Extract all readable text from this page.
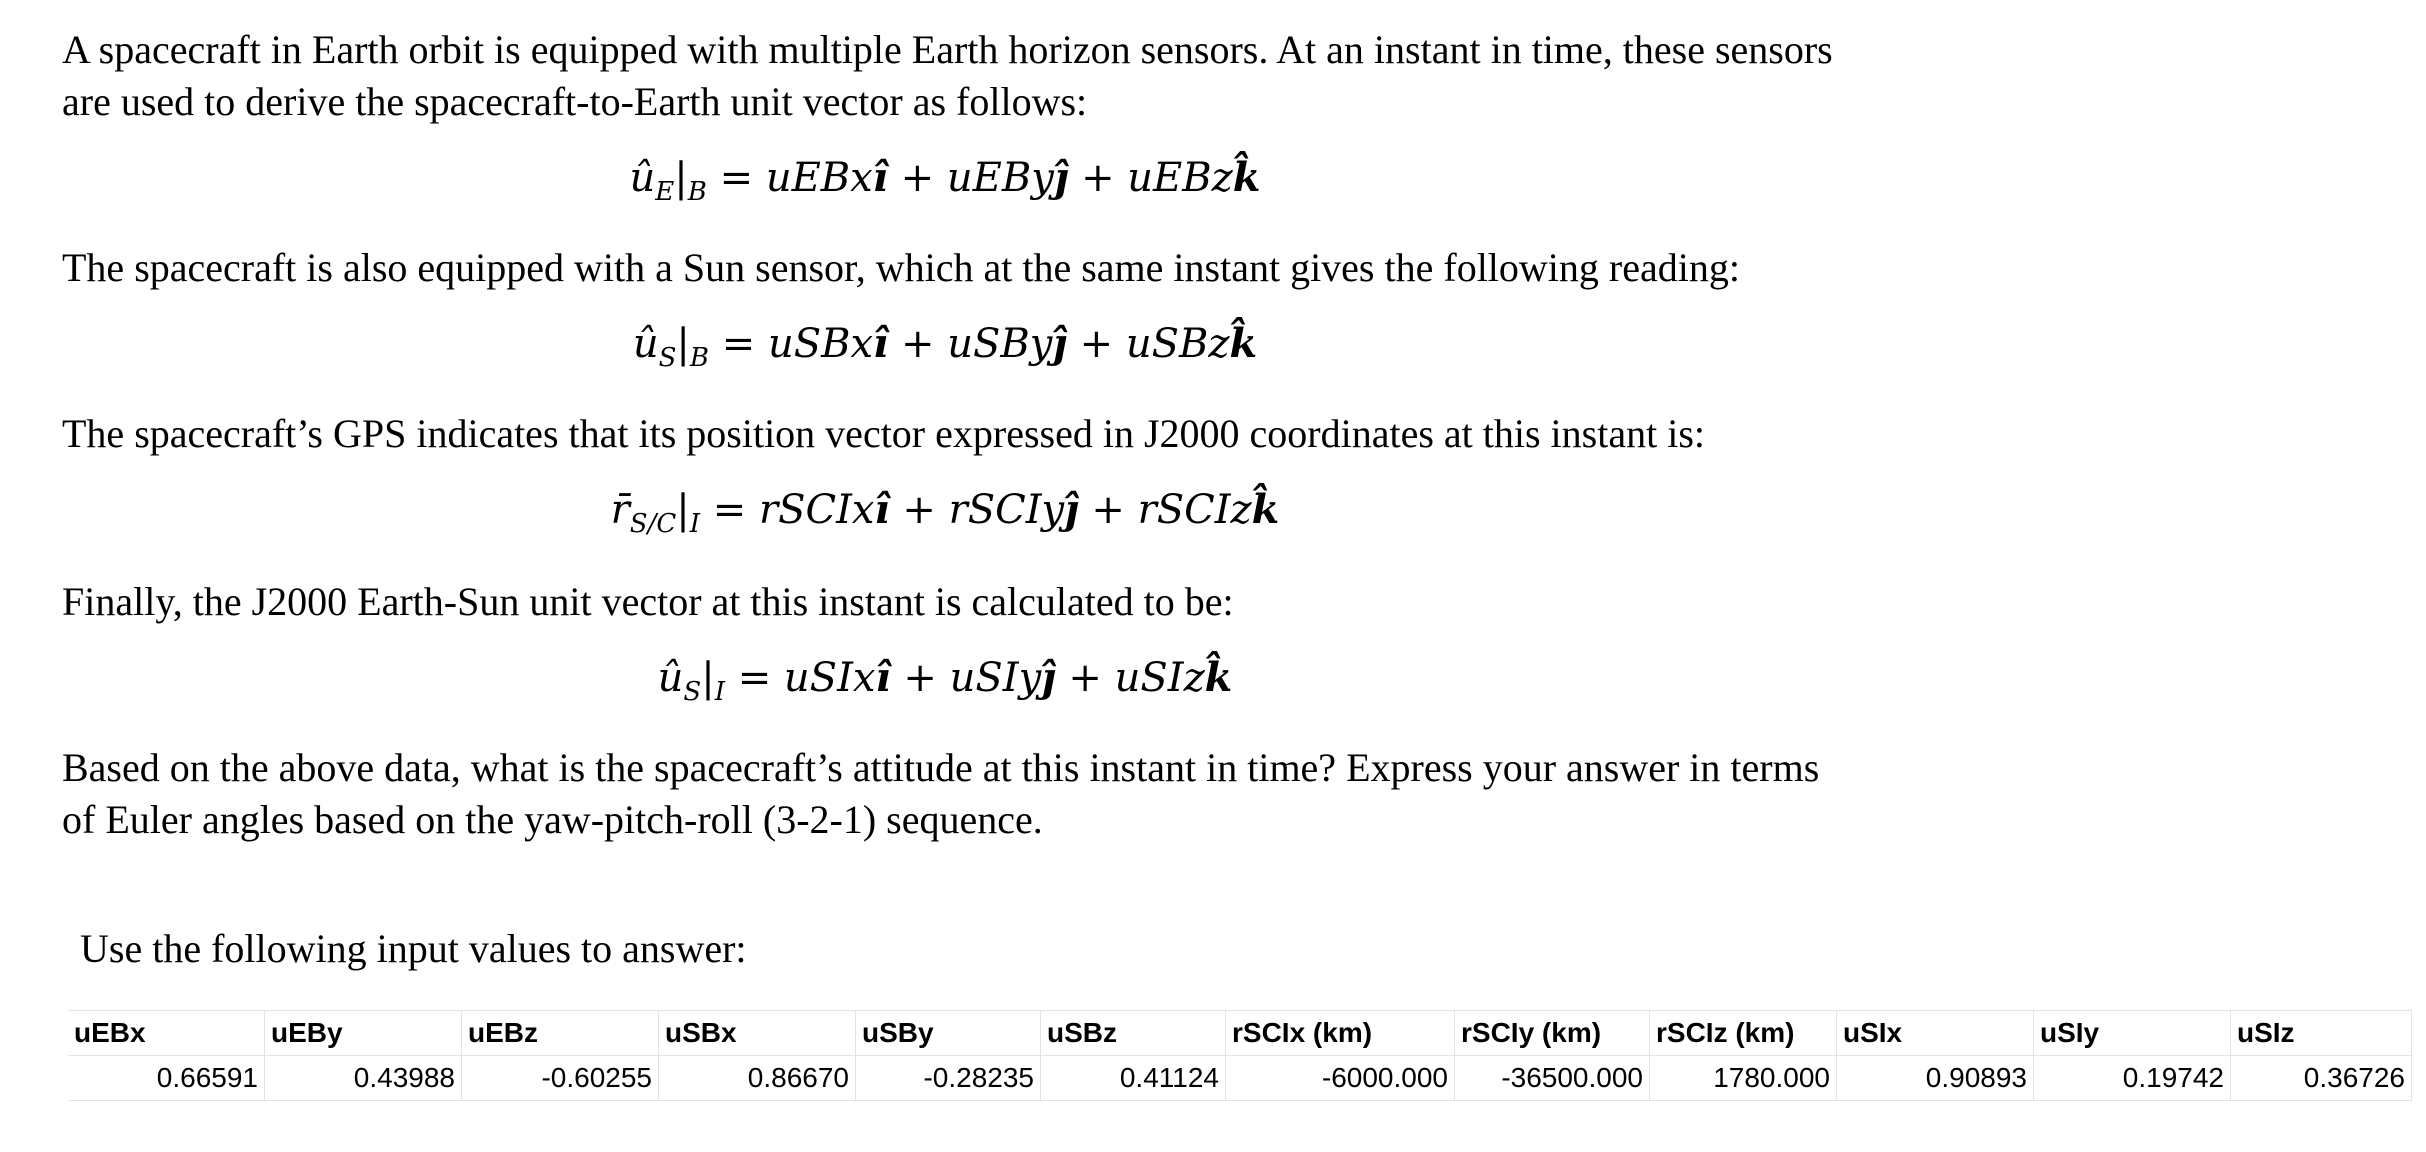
A spacecraft in Earth orbit is equipped with multiple Earth horizon sensors. At an instant in time, these sensors are used to derive the spacecraft-to-Earth unit vector as follows:

$û_E|_B$ = uEBxî + uEByĵ + uEBzk̂

The spacecraft is also equipped with a Sun sensor, which at the same instant gives the following reading:

$û_S|_B$ = uSBxî + uSByĵ + uSBzk̂

The spacecraft’s GPS indicates that its position vector expressed in J2000 coordinates at this instant is:

$r̄_{S/C}|_I$ = rSCIxî + rSCIyĵ + rSCIzk̂

Finally, the J2000 Earth-Sun unit vector at this instant is calculated to be:

$û_S|_I$ = uSIxî + uSIyĵ + uSIzk̂

Based on the above data, what is the spacecraft’s attitude at this instant in time? Express your answer in terms of Euler angles based on the yaw-pitch-roll (3-2-1) sequence.

Use the following input values to answer:
uEBx	uEBy	uEBz	uSBx	uSBy	uSBz	rSCIx (km)	rSCIy (km)	rSCIz (km)	uSIx	uSIy	uSIz
0.66591	0.43988	-0.60255	0.86670	-0.28235	0.41124	-6000.000	-36500.000	1780.000	0.90893	0.19742	0.36726
